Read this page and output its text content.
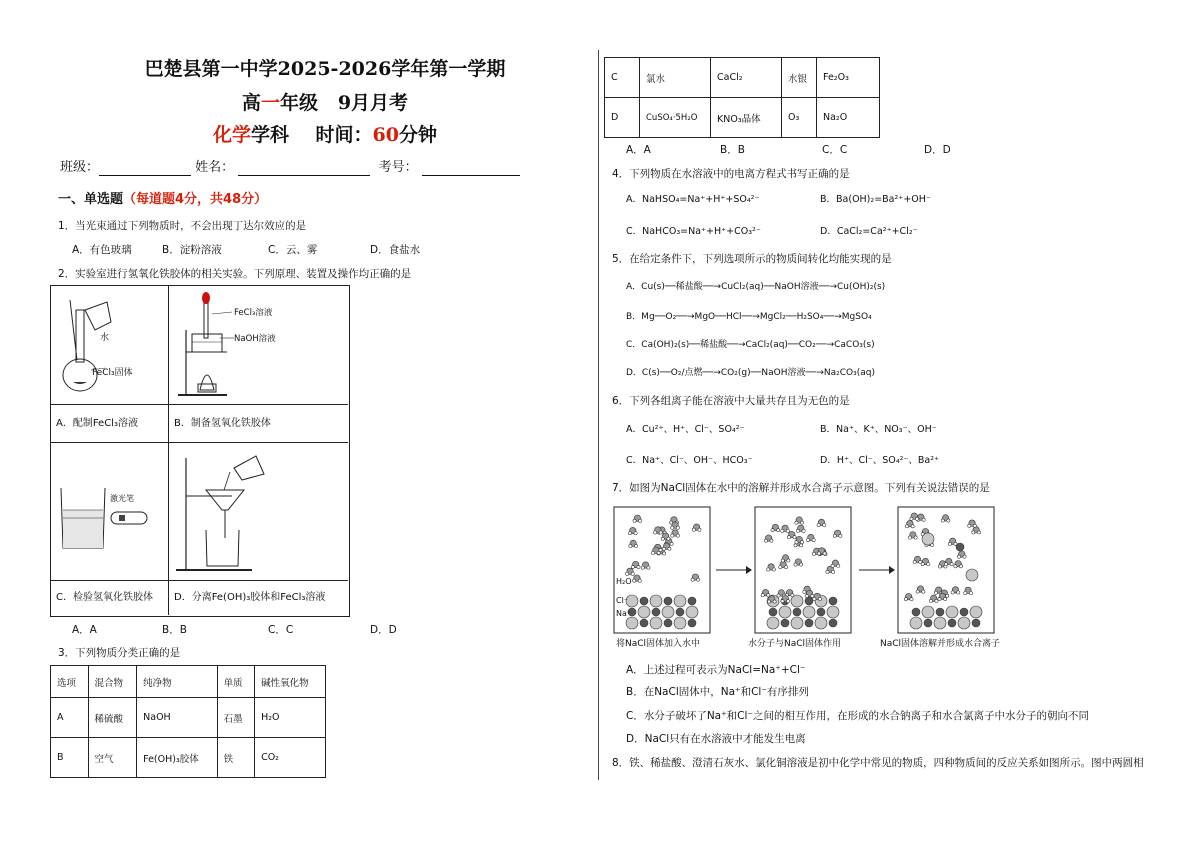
巴楚县第一中学2025-2026学年第一学期
高一年级 9月月考
化学学科 时间：60分钟
班级：	姓名：	考号：
一、单选题（每道题4分，共48分）
1．当光束通过下列物质时，不会出现丁达尔效应的是
A．有色玻璃	B．淀粉溶液	C．云、雾	D．食盐水
2．实验室进行氢氧化铁胶体的相关实验。下列原理、装置及操作均正确的是
水
FeCl₃固体
FeCl₃溶液
NaOH溶液
A．配制FeCl₃溶液	B．制备氢氧化铁胶体
激光笔
C．检验氢氧化铁胶体 D．分离Fe(OH)₃胶体和FeCl₃溶液
A．A	B．B	C．C	D．D
3．下列物质分类正确的是
选项	混合物	纯净物	单质	碱性氧化物
A	稀硫酸	NaOH	石墨	H₂O
B	空气	Fe(OH)₃胶体	铁	CO₂
C	氯水	CaCl₂	水银	Fe₂O₃
D	CuSO₄·5H₂O	KNO₃晶体	O₃	Na₂O
A．A	B．B	C．C	D．D
4．下列物质在水溶液中的电离方程式书写正确的是
A．NaHSO₄=Na⁺+H⁺+SO₄²⁻	B．Ba(OH)₂=Ba²⁺+OH⁻
C．NaHCO₃=Na⁺+H⁺+CO₃²⁻	D．CaCl₂=Ca²⁺+Cl₂⁻
5．在给定条件下，下列选项所示的物质间转化均能实现的是
A．Cu(s)──稀盐酸──→CuCl₂(aq)──NaOH溶液──→Cu(OH)₂(s)
B．Mg──O₂──→MgO──HCl──→MgCl₂──H₂SO₄──→MgSO₄
C．Ca(OH)₂(s)──稀盐酸──→CaCl₂(aq)──CO₂──→CaCO₃(s)
D．C(s)──O₂/点燃──→CO₂(g)──NaOH溶液──→Na₂CO₃(aq)
6．下列各组离子能在溶液中大量共存且为无色的是
A．Cu²⁺、H⁺、Cl⁻、SO₄²⁻	B．Na⁺、K⁺、NO₃⁻、OH⁻
C．Na⁺、Cl⁻、OH⁻、HCO₃⁻	D．H⁺、Cl⁻、SO₄²⁻、Ba²⁺
7．如图为NaCl固体在水中的溶解并形成水合离子示意图。下列有关说法错误的是
H₂O
Cl⁻
Na⁺
将NaCl固体加入水中	水分子与NaCl固体作用	NaCl固体溶解并形成水合离子
A．上述过程可表示为NaCl=Na⁺+Cl⁻
B．在NaCl固体中，Na⁺和Cl⁻有序排列
C．水分子破坏了Na⁺和Cl⁻之间的相互作用，在形成的水合钠离子和水合氯离子中水分子的朝向不同
D．NaCl只有在水溶液中才能发生电离
8．铁、稀盐酸、澄清石灰水、氯化铜溶液是初中化学中常见的物质，四种物质间的反应关系如图所示。图中两圆相
